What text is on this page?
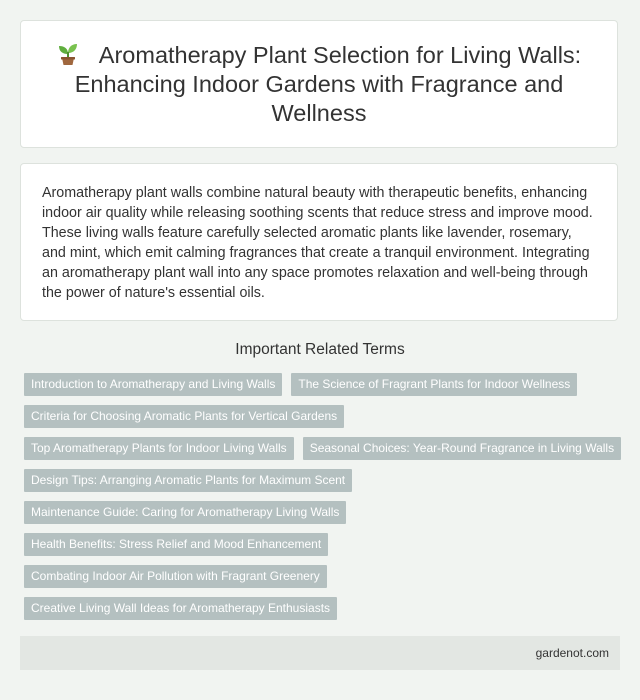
Aromatherapy Plant Selection for Living Walls: Enhancing Indoor Gardens with Fragrance and Wellness

Aromatherapy plant walls combine natural beauty with therapeutic benefits, enhancing indoor air quality while releasing soothing scents that reduce stress and improve mood. These living walls feature carefully selected aromatic plants like lavender, rosemary, and mint, which emit calming fragrances that create a tranquil environment. Integrating an aromatherapy plant wall into any space promotes relaxation and well-being through the power of nature's essential oils.

Important Related Terms
Introduction to Aromatherapy and Living Walls	The Science of Fragrant Plants for Indoor Wellness
Criteria for Choosing Aromatic Plants for Vertical Gardens
Top Aromatherapy Plants for Indoor Living Walls	Seasonal Choices: Year-Round Fragrance in Living Walls
Design Tips: Arranging Aromatic Plants for Maximum Scent
Maintenance Guide: Caring for Aromatherapy Living Walls
Health Benefits: Stress Relief and Mood Enhancement
Combating Indoor Air Pollution with Fragrant Greenery
Creative Living Wall Ideas for Aromatherapy Enthusiasts
gardenot.com
